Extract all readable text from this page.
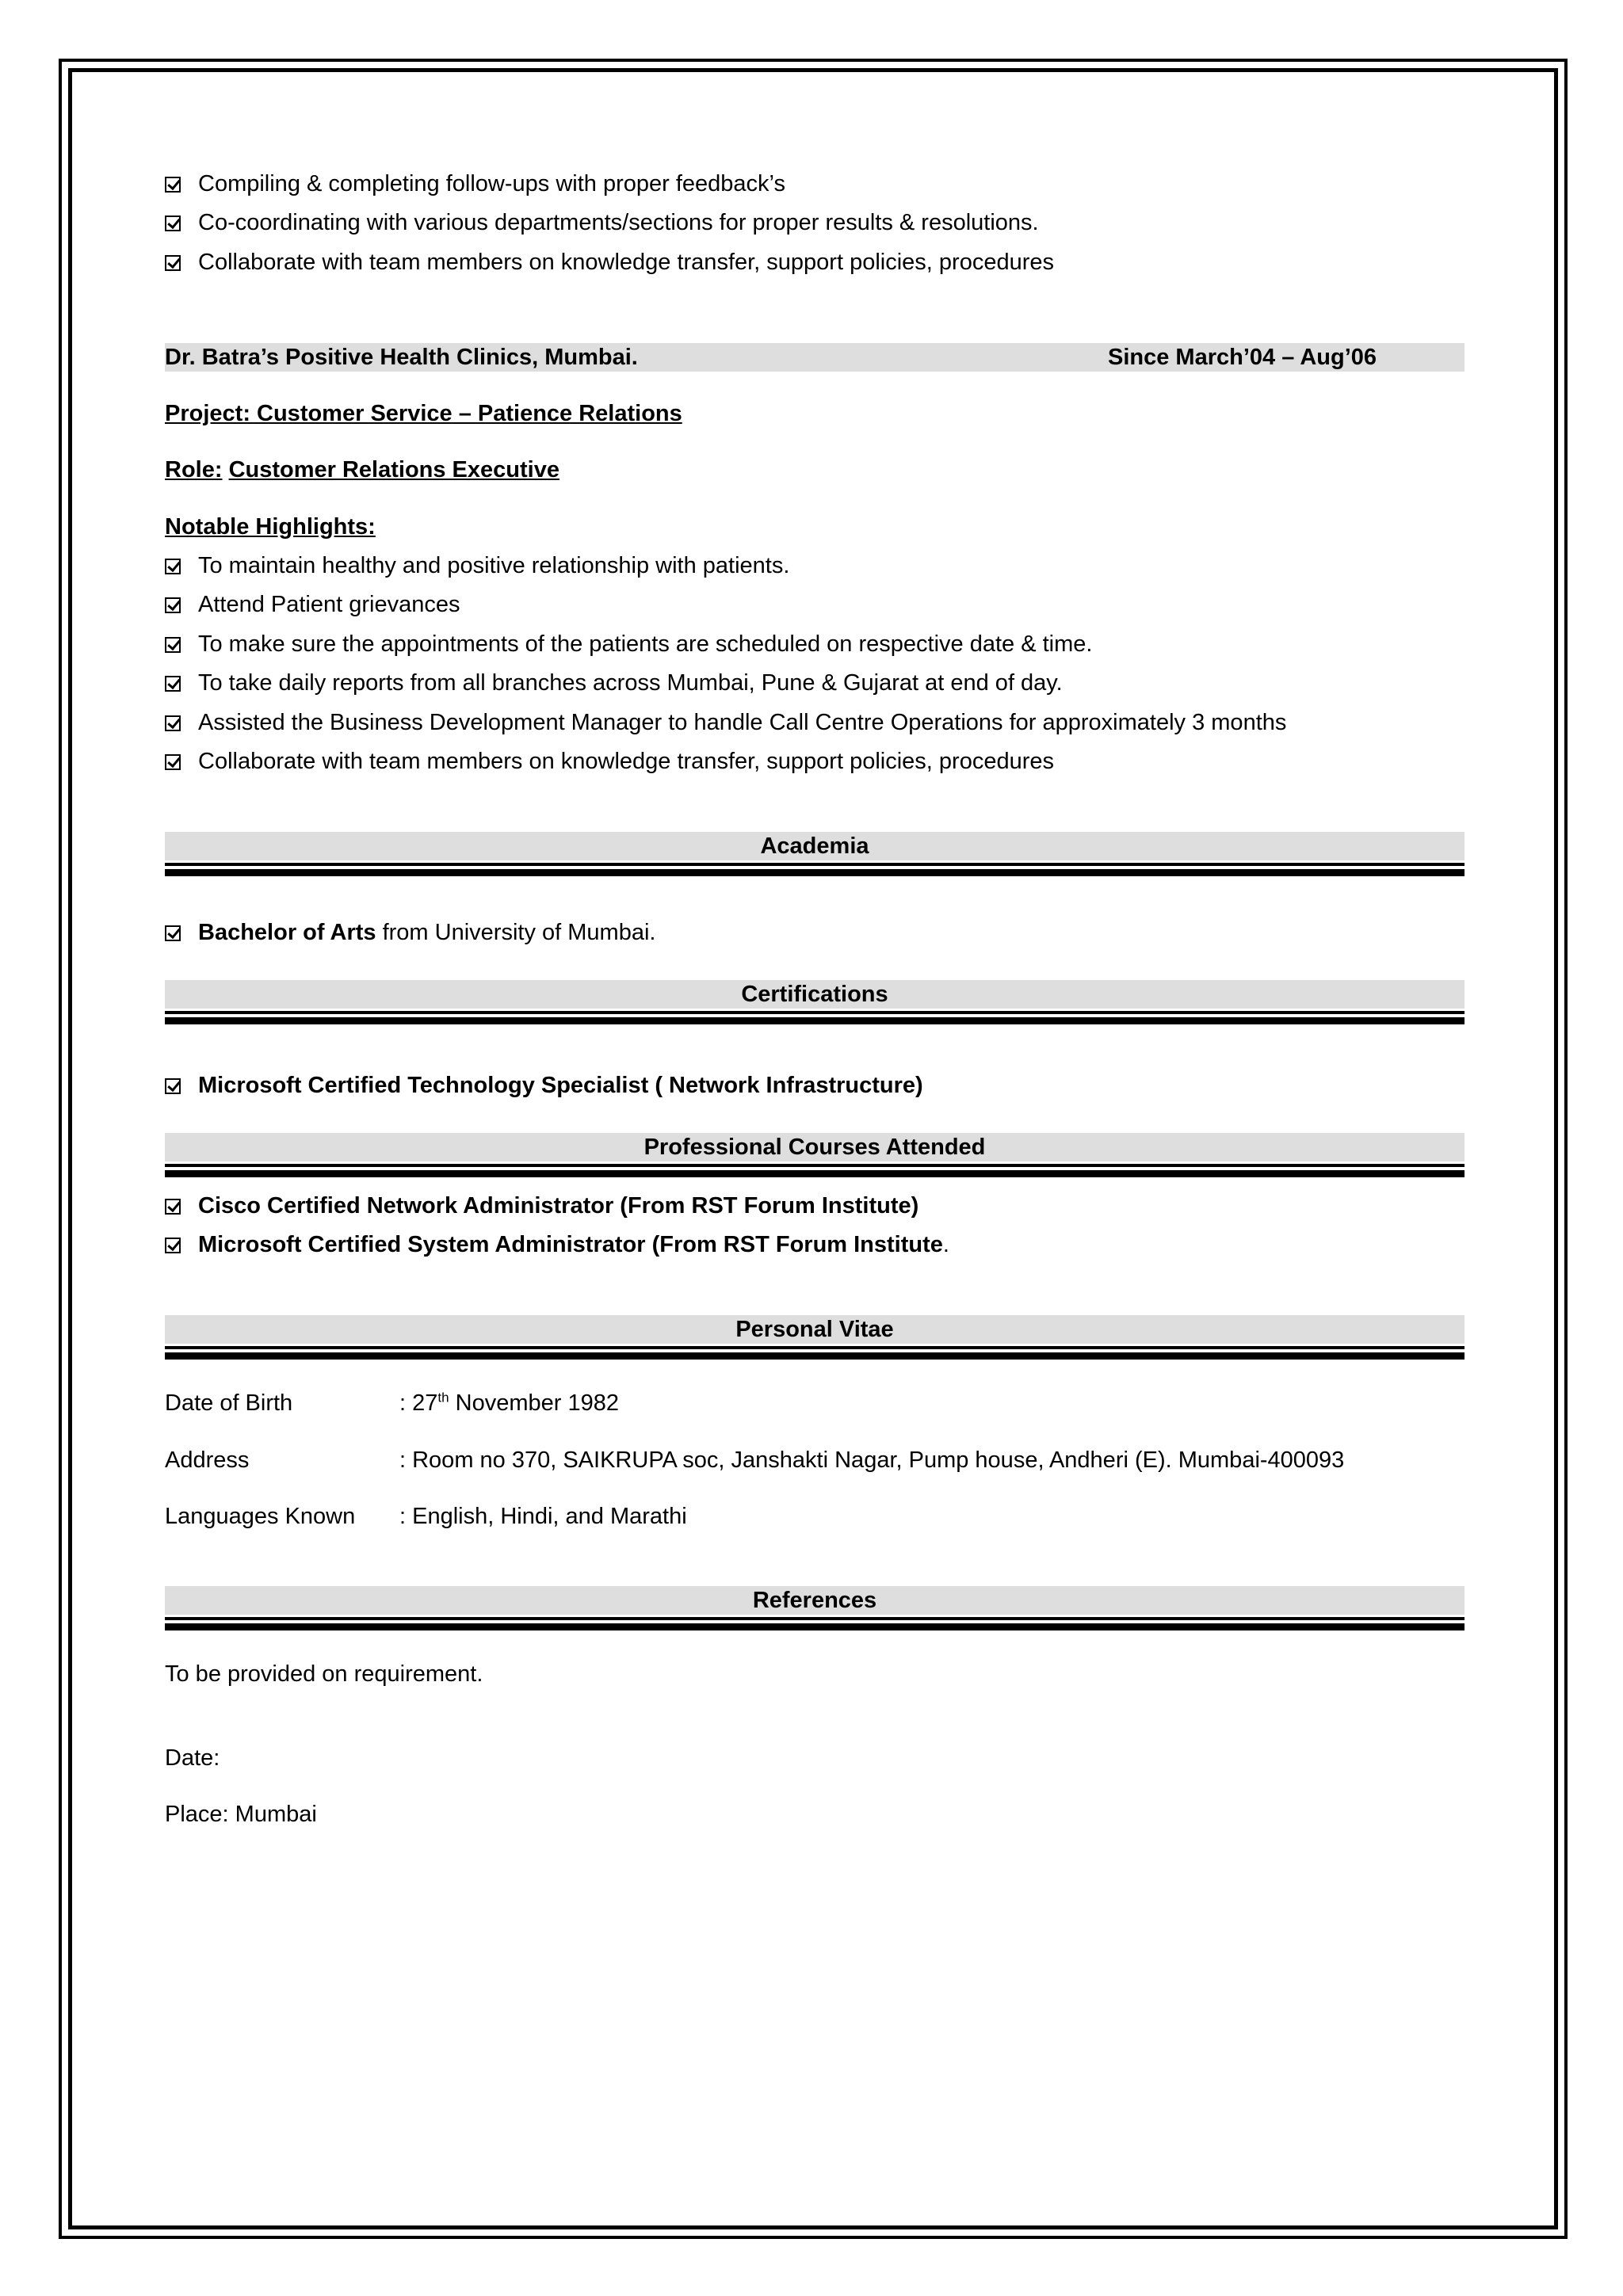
Compiling & completing follow-ups with proper feedback’s
Co-coordinating with various departments/sections for proper results & resolutions.
Collaborate with team members on knowledge transfer, support policies, procedures
Dr. Batra’s Positive Health Clinics, Mumbai.	Since March’04 – Aug’06
Project: Customer Service – Patience Relations
Role: Customer Relations Executive
Notable Highlights:
To maintain healthy and positive relationship with patients.
Attend Patient grievances
To make sure the appointments of the patients are scheduled on respective date & time.
To take daily reports from all branches across Mumbai, Pune & Gujarat at end of day.
Assisted the Business Development Manager to handle Call Centre Operations for approximately 3 months
Collaborate with team members on knowledge transfer, support policies, procedures
Academia
Bachelor of Arts from University of Mumbai.
Certifications
Microsoft Certified Technology Specialist ( Network Infrastructure)
Professional Courses Attended
Cisco Certified Network Administrator (From RST Forum Institute)
Microsoft Certified System Administrator (From RST Forum Institute.
Personal Vitae
Date of Birth	: 27th November 1982
Address	: Room no 370, SAIKRUPA soc, Janshakti Nagar, Pump house, Andheri (E). Mumbai-400093
Languages Known : English, Hindi, and Marathi
References
To be provided on requirement.
Date:
Place: Mumbai
